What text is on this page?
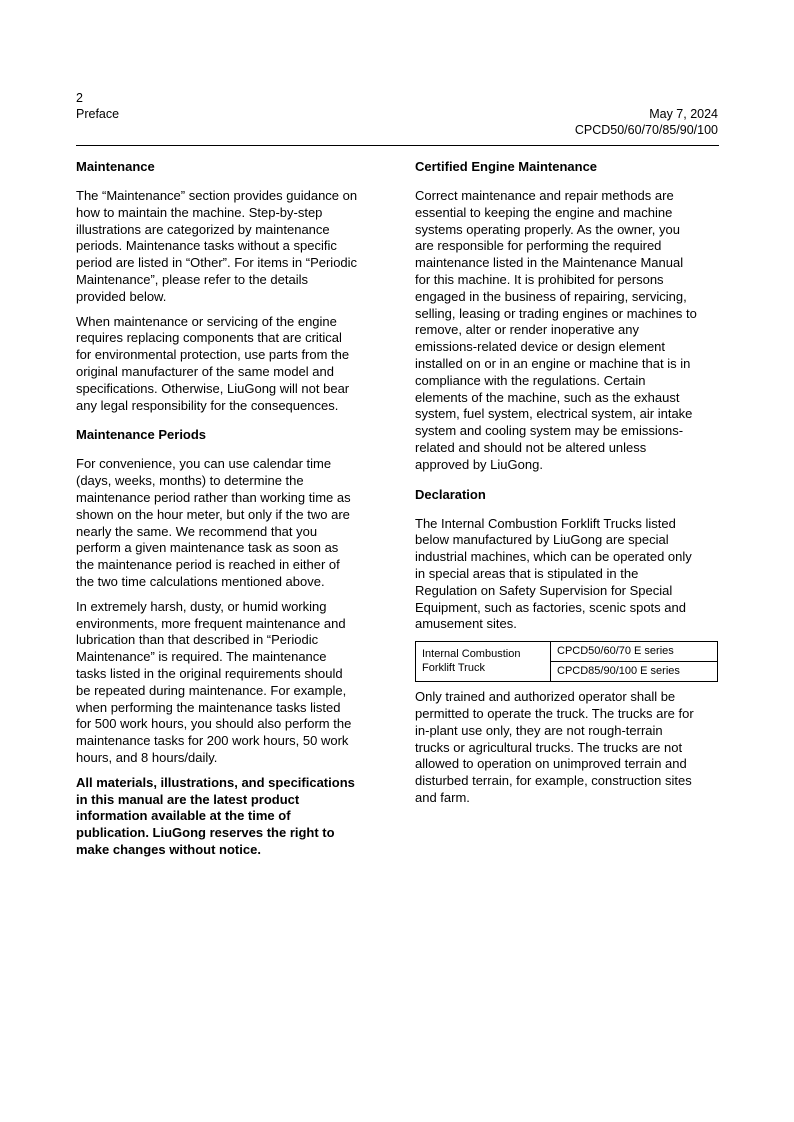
2
Preface	May 7, 2024
CPCD50/60/70/85/90/100
Maintenance

The “Maintenance” section provides guidance on
how to maintain the machine. Step-by-step
illustrations are categorized by maintenance
periods. Maintenance tasks without a specific
period are listed in “Other”. For items in “Periodic
Maintenance”, please refer to the details
provided below.

When maintenance or servicing of the engine
requires replacing components that are critical
for environmental protection, use parts from the
original manufacturer of the same model and
specifications. Otherwise, LiuGong will not bear
any legal responsibility for the consequences.

Maintenance Periods

For convenience, you can use calendar time
(days, weeks, months) to determine the
maintenance period rather than working time as
shown on the hour meter, but only if the two are
nearly the same. We recommend that you
perform a given maintenance task as soon as
the maintenance period is reached in either of
the two time calculations mentioned above.

In extremely harsh, dusty, or humid working
environments, more frequent maintenance and
lubrication than that described in “Periodic
Maintenance” is required. The maintenance
tasks listed in the original requirements should
be repeated during maintenance. For example,
when performing the maintenance tasks listed
for 500 work hours, you should also perform the
maintenance tasks for 200 work hours, 50 work
hours, and 8 hours/daily.

All materials, illustrations, and specifications
in this manual are the latest product
information available at the time of
publication. LiuGong reserves the right to
make changes without notice.

Certified Engine Maintenance

Correct maintenance and repair methods are
essential to keeping the engine and machine
systems operating properly. As the owner, you
are responsible for performing the required
maintenance listed in the Maintenance Manual
for this machine. It is prohibited for persons
engaged in the business of repairing, servicing,
selling, leasing or trading engines or machines to
remove, alter or render inoperative any
emissions-related device or design element
installed on or in an engine or machine that is in
compliance with the regulations. Certain
elements of the machine, such as the exhaust
system, fuel system, electrical system, air intake
system and cooling system may be emissions-
related and should not be altered unless
approved by LiuGong.

Declaration

The Internal Combustion Forklift Trucks listed
below manufactured by LiuGong are special
industrial machines, which can be operated only
in special areas that is stipulated in the
Regulation on Safety Supervision for Special
Equipment, such as factories, scenic spots and
amusement sites.

Internal Combustion
Forklift Truck
	CPCD50/60/70 E series
CPCD85/90/100 E series

Only trained and authorized operator shall be
permitted to operate the truck. The trucks are for
in-plant use only, they are not rough-terrain
trucks or agricultural trucks. The trucks are not
allowed to operation on unimproved terrain and
disturbed terrain, for example, construction sites
and farm.
